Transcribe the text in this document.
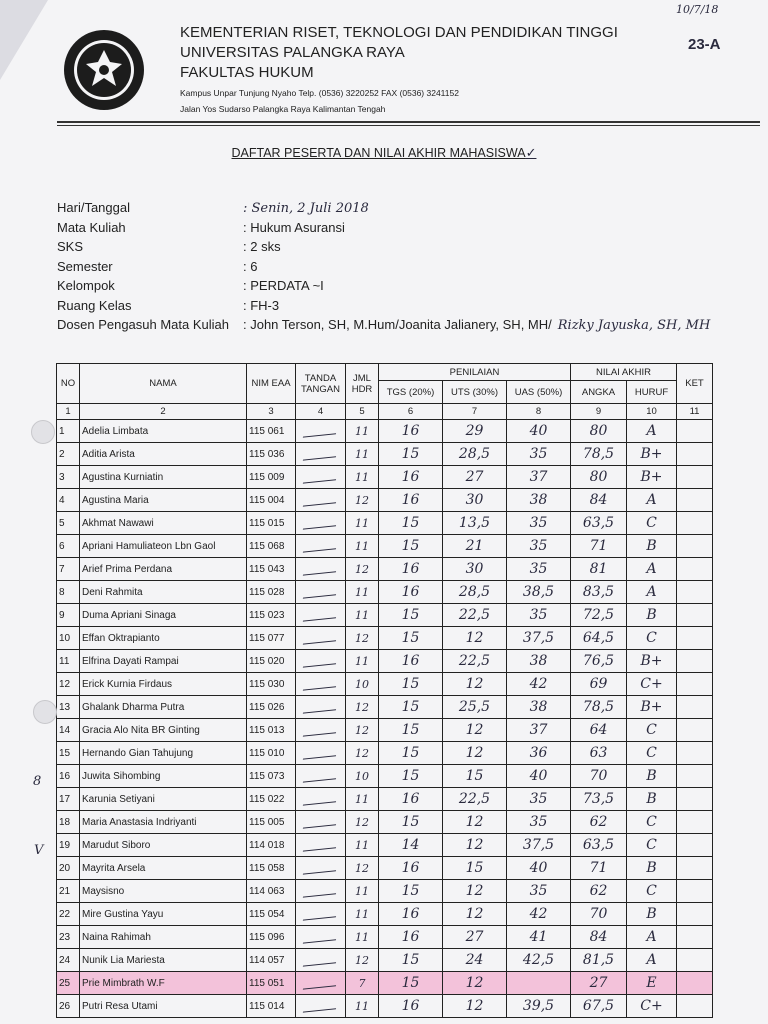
10/7/18
23-A
KEMENTERIAN RISET, TEKNOLOGI DAN PENDIDIKAN TINGGI
UNIVERSITAS PALANGKA RAYA
FAKULTAS HUKUM
Kampus Unpar Tunjung Nyaho Telp. (0536) 3220252 FAX (0536) 3241152
Jalan Yos Sudarso Palangka Raya Kalimantan Tengah
DAFTAR PESERTA DAN NILAI AKHIR MAHASISWA✓
Hari/Tanggal	: Senin, 2 Juli 2018
Mata Kuliah	: Hukum Asuransi
SKS	: 2 sks
Semester	: 6
Kelompok	: PERDATA ~I
Ruang Kelas	: FH-3
Dosen Pengasuh Mata Kuliah : John Terson, SH, M.Hum/Joanita Jalianery, SH, MH/ Rizky Jayuska, SH, MH
NO	NAMA	NIM EAA	TANDA TANGAN	JML HDR	PENILAIAN			NILAI AKHIR		KET
					TGS (20%)	UTS (30%)	UAS (50%)	ANGKA	HURUF	
1	2	3	4	5	6	7	8	9	10	11
1	Adelia Limbata	115 061		11	16	29	40	80	A	
2	Aditia Arista	115 036		11	15	28,5	35	78,5	B+	
3	Agustina Kurniatin	115 009		11	16	27	37	80	B+	
4	Agustina Maria	115 004		12	16	30	38	84	A	
5	Akhmat Nawawi	115 015		11	15	13,5	35	63,5	C	
6	Apriani Hamuliateon Lbn Gaol	115 068		11	15	21	35	71	B	
7	Arief Prima Perdana	115 043		12	16	30	35	81	A	
8	Deni Rahmita	115 028		11	16	28,5	38,5	83,5	A	
9	Duma Apriani Sinaga	115 023		11	15	22,5	35	72,5	B	
10	Effan Oktrapianto	115 077		12	15	12	37,5	64,5	C	
11	Elfrina Dayati Rampai	115 020		11	16	22,5	38	76,5	B+	
12	Erick Kurnia Firdaus	115 030		10	15	12	42	69	C+	
13	Ghalank Dharma Putra	115 026		12	15	25,5	38	78,5	B+	
14	Gracia Alo Nita BR Ginting	115 013		12	15	12	37	64	C	
15	Hernando Gian Tahujung	115 010		12	15	12	36	63	C	
16	Juwita Sihombing	115 073		10	15	15	40	70	B	
17	Karunia Setiyani	115 022		11	16	22,5	35	73,5	B	
18	Maria Anastasia Indriyanti	115 005		12	15	12	35	62	C	
19	Marudut Siboro	114 018		11	14	12	37,5	63,5	C	
20	Mayrita Arsela	115 058		12	16	15	40	71	B	
21	Maysisno	114 063		11	15	12	35	62	C	
22	Mire Gustina Yayu	115 054		11	16	12	42	70	B	
23	Naina Rahimah	115 096		11	16	27	41	84	A	
24	Nunik Lia Mariesta	114 057		12	15	24	42,5	81,5	A	
25	Prie Mimbrath W.F	115 051		7	15	12		27	E	
26	Putri Resa Utami	115 014		11	16	12	39,5	67,5	C+	
8
V
